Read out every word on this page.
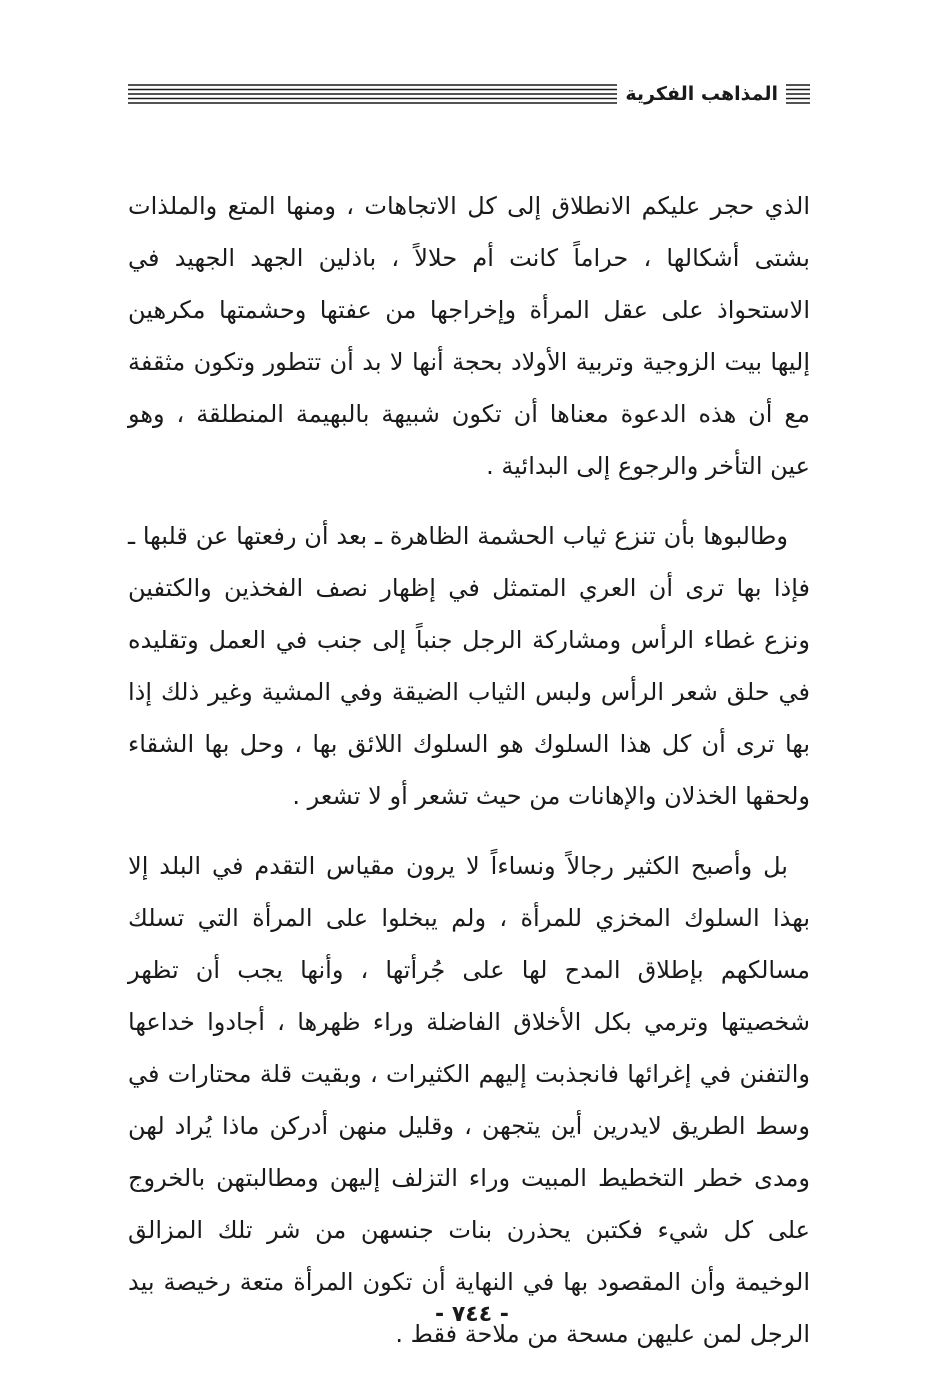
المذاهب الفكرية

الذي حجر عليكم الانطلاق إلى كل الاتجاهات ، ومنها المتع والملذات بشتى أشكالها ، حراماً كانت أم حلالاً ، باذلين الجهد الجهيد في الاستحواذ على عقل المرأة وإخراجها من عفتها وحشمتها مكرهين إليها بيت الزوجية وتربية الأولاد بحجة أنها لا بد أن تتطور وتكون مثقفة مع أن هذه الدعوة معناها أن تكون شبيهة بالبهيمة المنطلقة ، وهو عين التأخر والرجوع إلى البدائية .

وطالبوها بأن تنزع ثياب الحشمة الظاهرة ـ بعد أن رفعتها عن قلبها ـ فإذا بها ترى أن العري المتمثل في إظهار نصف الفخذين والكتفين ونزع غطاء الرأس ومشاركة الرجل جنباً إلى جنب في العمل وتقليده في حلق شعر الرأس ولبس الثياب الضيقة وفي المشية وغير ذلك إذا بها ترى أن كل هذا السلوك هو السلوك اللائق بها ، وحل بها الشقاء ولحقها الخذلان والإهانات من حيث تشعر أو لا تشعر .

بل وأصبح الكثير رجالاً ونساءاً لا يرون مقياس التقدم في البلد إلا بهذا السلوك المخزي للمرأة ، ولم يبخلوا على المرأة التي تسلك مسالكهم بإطلاق المدح لها على جُرأتها ، وأنها يجب أن تظهر شخصيتها وترمي بكل الأخلاق الفاضلة وراء ظهرها ، أجادوا خداعها والتفنن في إغرائها فانجذبت إليهم الكثيرات ، وبقيت قلة محتارات في وسط الطريق لايدرين أين يتجهن ، وقليل منهن أدركن ماذا يُراد لهن ومدى خطر التخطيط المبيت وراء التزلف إليهن ومطالبتهن بالخروج على كل شيء فكتبن يحذرن بنات جنسهن من شر تلك المزالق الوخيمة وأن المقصود بها في النهاية أن تكون المرأة متعة رخيصة بيد الرجل لمن عليهن مسحة من ملاحة فقط .

- ٧٤٤ -
